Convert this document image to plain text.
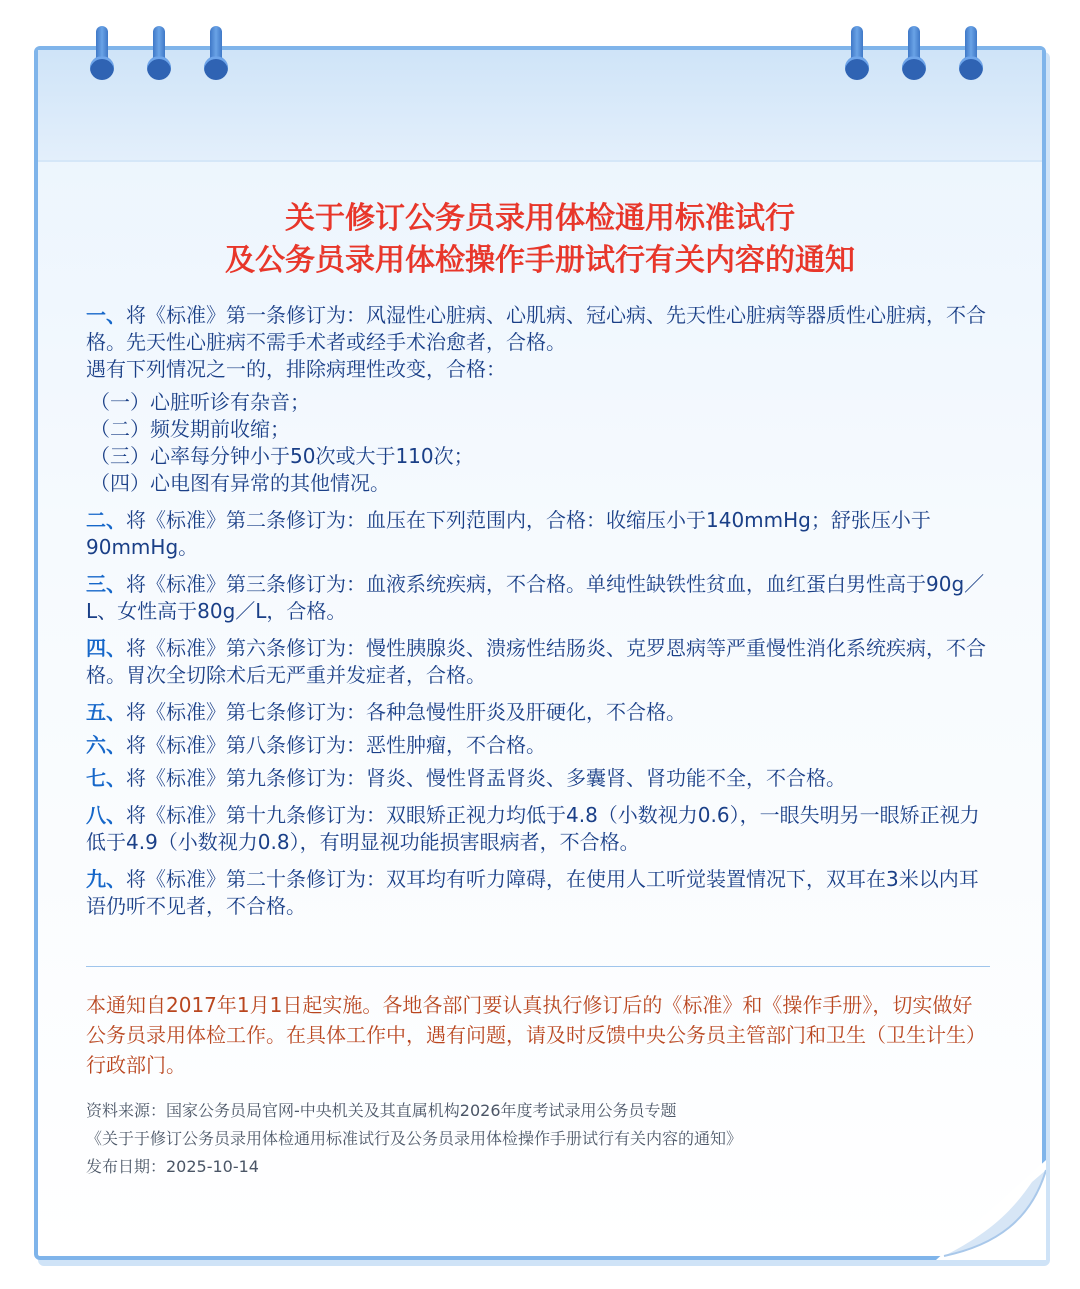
关于修订公务员录用体检通用标准试行
及公务员录用体检操作手册试行有关内容的通知
一、将《标准》第一条修订为：风湿性心脏病、心肌病、冠心病、先天性心脏病等器质性心脏病，不合格。先天性心脏病不需手术者或经手术治愈者，合格。
遇有下列情况之一的，排除病理性改变，合格：
（一）心脏听诊有杂音；
（二）频发期前收缩；
（三）心率每分钟小于50次或大于110次；
（四）心电图有异常的其他情况。
二、将《标准》第二条修订为：血压在下列范围内，合格：收缩压小于140mmHg；舒张压小于90mmHg。
三、将《标准》第三条修订为：血液系统疾病，不合格。单纯性缺铁性贫血，血红蛋白男性高于90g／L、女性高于80g／L，合格。
四、将《标准》第六条修订为：慢性胰腺炎、溃疡性结肠炎、克罗恩病等严重慢性消化系统疾病，不合格。胃次全切除术后无严重并发症者，合格。
五、将《标准》第七条修订为：各种急慢性肝炎及肝硬化，不合格。
六、将《标准》第八条修订为：恶性肿瘤，不合格。
七、将《标准》第九条修订为：肾炎、慢性肾盂肾炎、多囊肾、肾功能不全，不合格。
八、将《标准》第十九条修订为：双眼矫正视力均低于4.8（小数视力0.6），一眼失明另一眼矫正视力低于4.9（小数视力0.8），有明显视功能损害眼病者，不合格。
九、将《标准》第二十条修订为：双耳均有听力障碍，在使用人工听觉装置情况下，双耳在3米以内耳语仍听不见者，不合格。
本通知自2017年1月1日起实施。各地各部门要认真执行修订后的《标准》和《操作手册》，切实做好公务员录用体检工作。在具体工作中，遇有问题，请及时反馈中央公务员主管部门和卫生（卫生计生）行政部门。
资料来源：国家公务员局官网-中央机关及其直属机构2026年度考试录用公务员专题
《关于于修订公务员录用体检通用标准试行及公务员录用体检操作手册试行有关内容的通知》
发布日期：2025-10-14
